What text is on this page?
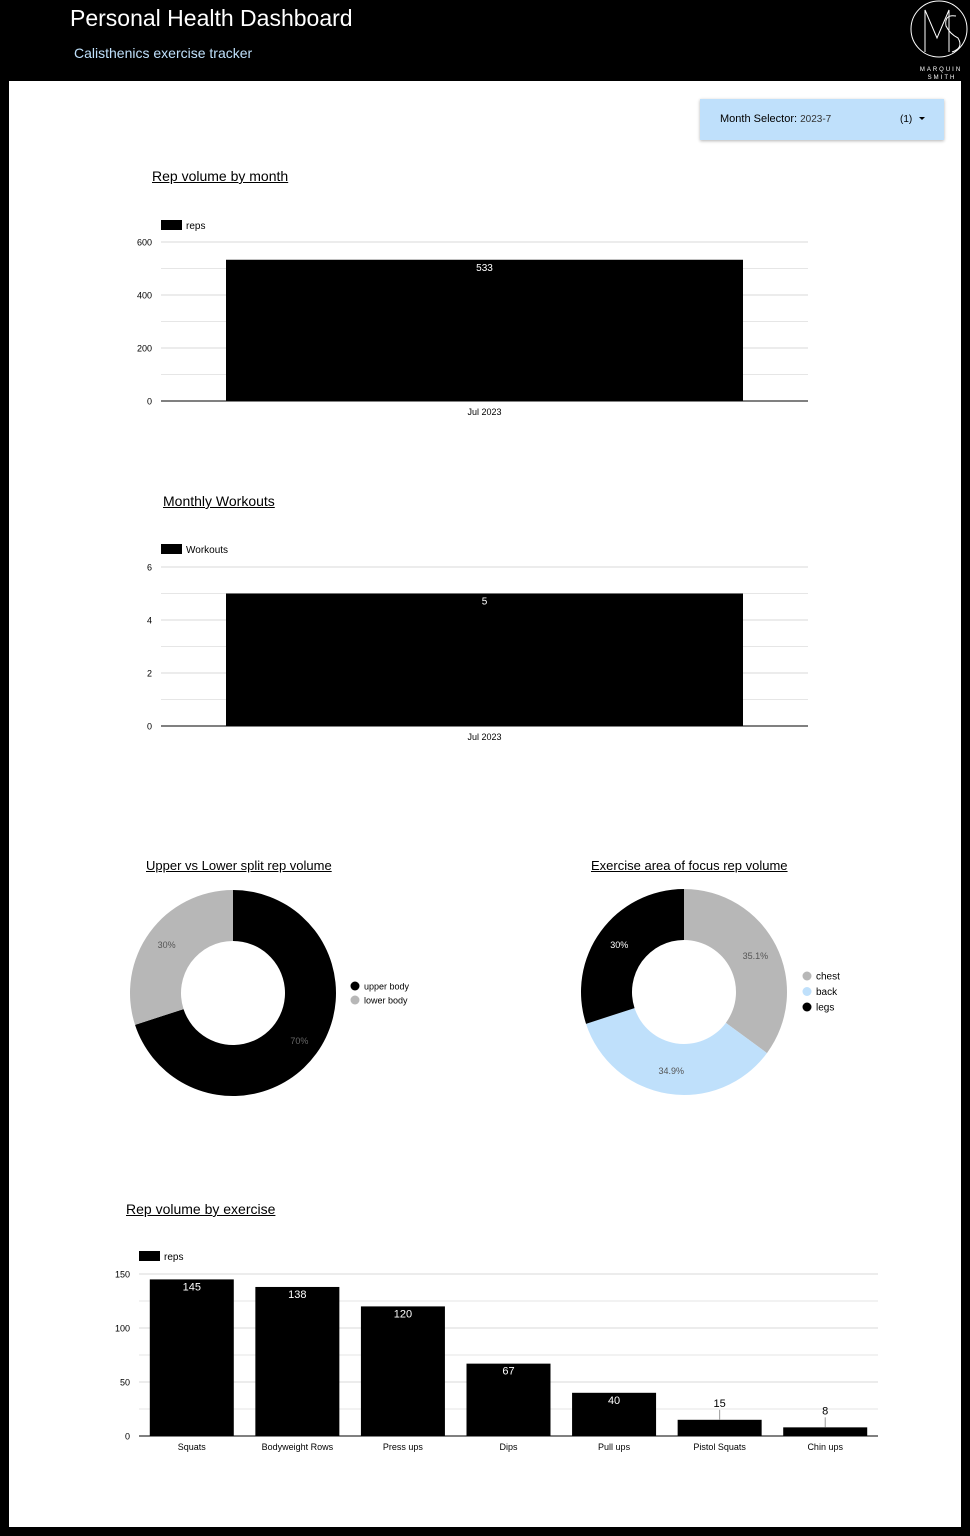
Personal Health Dashboard
Calisthenics exercise tracker
MARQUIN
SMITH
Month Selector: 2023-7	(1)
Rep volume by month
Monthly Workouts
Upper vs Lower split rep volume	Exercise area of focus rep volume
Rep volume by exercise
0
200
400
600
reps
533
Jul 2023
0
2
4
6
Workouts
5
Jul 2023
0
50
100
150
reps
145
Squats
138
Bodyweight Rows
120
Press ups
67
Dips
40
Pull ups
15
Pistol Squats
8
Chin ups
70%
30%
upper body
lower body
35.1%
34.9%
30%
chest
back
legs
